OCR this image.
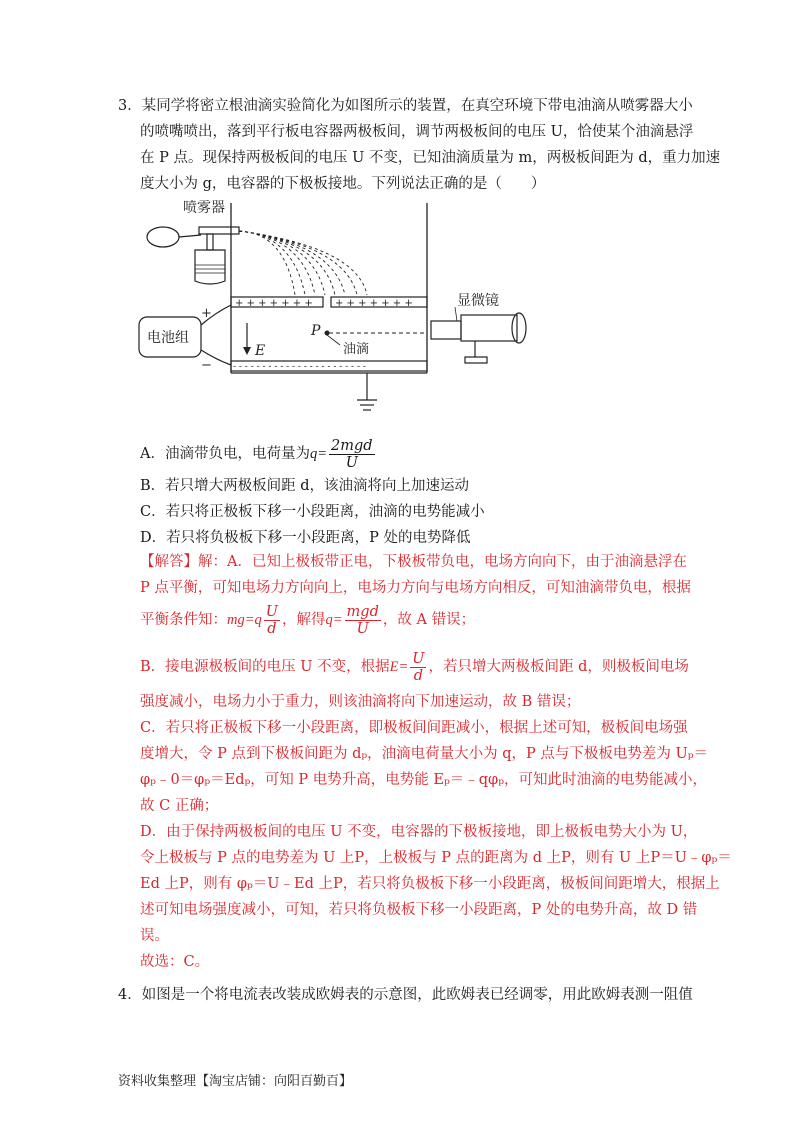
3．某同学将密立根油滴实验简化为如图所示的装置，在真空环境下带电油滴从喷雾器大小
的喷嘴喷出，落到平行板电容器两极板间，调节两极板间的电压 U，恰使某个油滴悬浮
在 P 点。现保持两极板间的电压 U 不变，已知油滴质量为 m，两极板间距为 d，重力加速
度大小为 g，电容器的下极板接地。下列说法正确的是（　　）
喷雾器
+ + + + + + + + + + + + + +
- - - - - - - - - - - - - - - - - - - - - - -
电池组
+
−
E
P
油滴
显微镜
A．油滴带负电，电荷量为$q= \frac{\text{2mgd}}{U}$
B．若只增大两极板间距 d，该油滴将向上加速运动
C．若只将正极板下移一小段距离，油滴的电势能减小
D．若只将负极板下移一小段距离，P 处的电势降低
【解答】解：A．已知上极板带正电，下极板带负电，电场方向向下，由于油滴悬浮在
P 点平衡，可知电场力方向向上，电场力方向与电场方向相反，可知油滴带负电，根据
平衡条件知：$mg=q \frac{U}{d}$ ，解得$q= \frac{\text{mgd}}{U}$ ，故 A 错误；
B．接电源极板间的电压 U 不变，根据$E= \frac{U}{d}$ ，若只增大两极板间距 d，则极板间电场
强度减小，电场力小于重力，则该油滴将向下加速运动，故 B 错误；
C．若只将正极板下移一小段距离，即极板间间距减小，根据上述可知，极板间电场强
度增大，令 P 点到下极板间距为 dₚ，油滴电荷量大小为 q，P 点与下极板电势差为 Uₚ＝
φₚ﹣0＝φₚ＝Edₚ，可知 P 电势升高，电势能 Eₚ＝﹣qφₚ，可知此时油滴的电势能减小，
故 C 正确；
D．由于保持两极板间的电压 U 不变，电容器的下极板接地，即上极板电势大小为 U，
令上极板与 P 点的电势差为 U 上P，上极板与 P 点的距离为 d 上P，则有 U 上P＝U﹣φₚ＝
Ed 上P，则有 φₚ＝U﹣Ed 上P，若只将负极板下移一小段距离，极板间间距增大，根据上
述可知电场强度减小，可知，若只将负极板下移一小段距离，P 处的电势升高，故 D 错
误。
故选：C。
4．如图是一个将电流表改装成欧姆表的示意图，此欧姆表已经调零，用此欧姆表测一阻值
资料收集整理【淘宝店铺：向阳百勤百】
